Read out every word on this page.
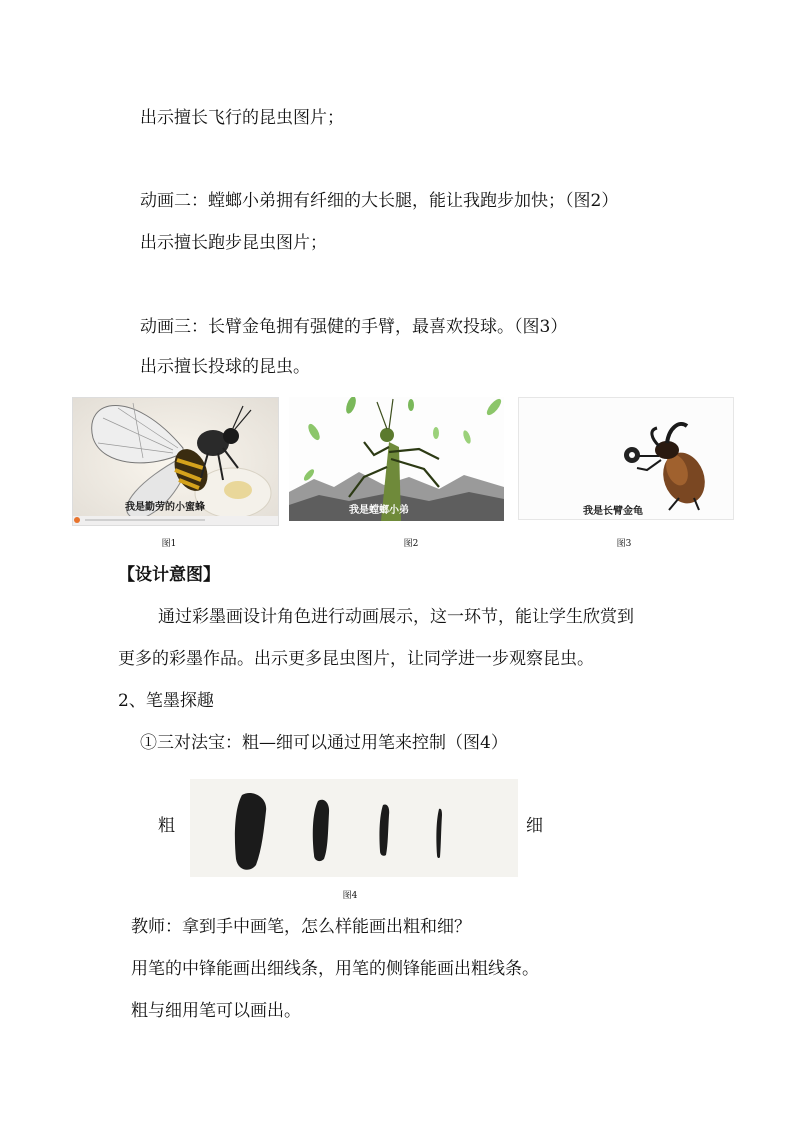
出示擅长飞行的昆虫图片；
动画二：螳螂小弟拥有纤细的大长腿，能让我跑步加快；（图2）
出示擅长跑步昆虫图片；
动画三：长臂金龟拥有强健的手臂，最喜欢投球。（图3）
出示擅长投球的昆虫。
我是勤劳的小蜜蜂	我是螳螂小弟	我是长臂金龟
图1	图2	图3
【设计意图】
通过彩墨画设计角色进行动画展示，这一环节，能让学生欣赏到
更多的彩墨作品。出示更多昆虫图片，让同学进一步观察昆虫。
2、笔墨探趣
①三对法宝：粗—细可以通过用笔来控制（图4）
粗	细
图4
教师：拿到手中画笔，怎么样能画出粗和细？
用笔的中锋能画出细线条，用笔的侧锋能画出粗线条。
粗与细用笔可以画出。
